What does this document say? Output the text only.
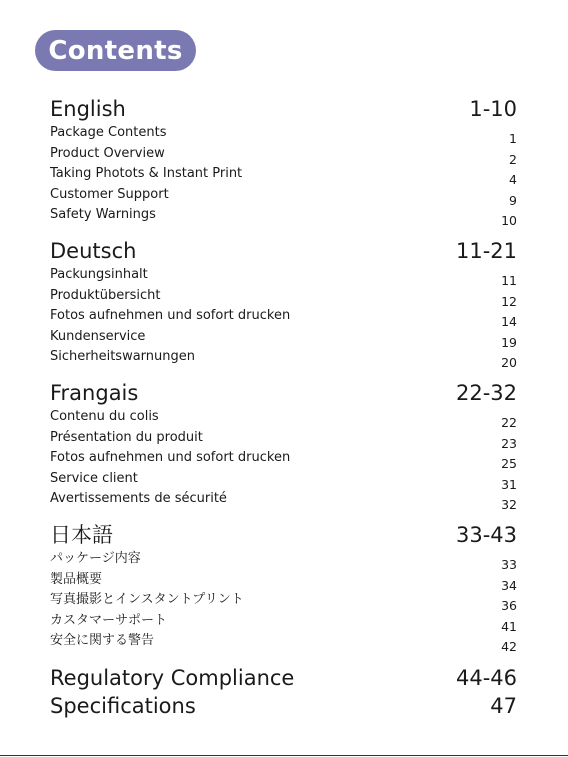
Contents
English	1-10
Package Contents	1
Product Overview	2
Taking Photots & Instant Print	4
Customer Support	9
Safety Warnings	10
Deutsch	11-21
Packungsinhalt	11
Produktübersicht	12
Fotos aufnehmen und sofort drucken	14
Kundenservice	19
Sicherheitswarnungen	20
Frangais	22-32
Contenu du colis	22
Présentation du produit	23
Fotos aufnehmen und sofort drucken	25
Service client	31
Avertissements de sécurité	32
日本語	33-43
パッケージ内容	33
製品概要	34
写真撮影とインスタントプリント	36
カスタマーサポート	41
安全に関する警告	42
Regulatory Compliance	44-46
Specifications	47
